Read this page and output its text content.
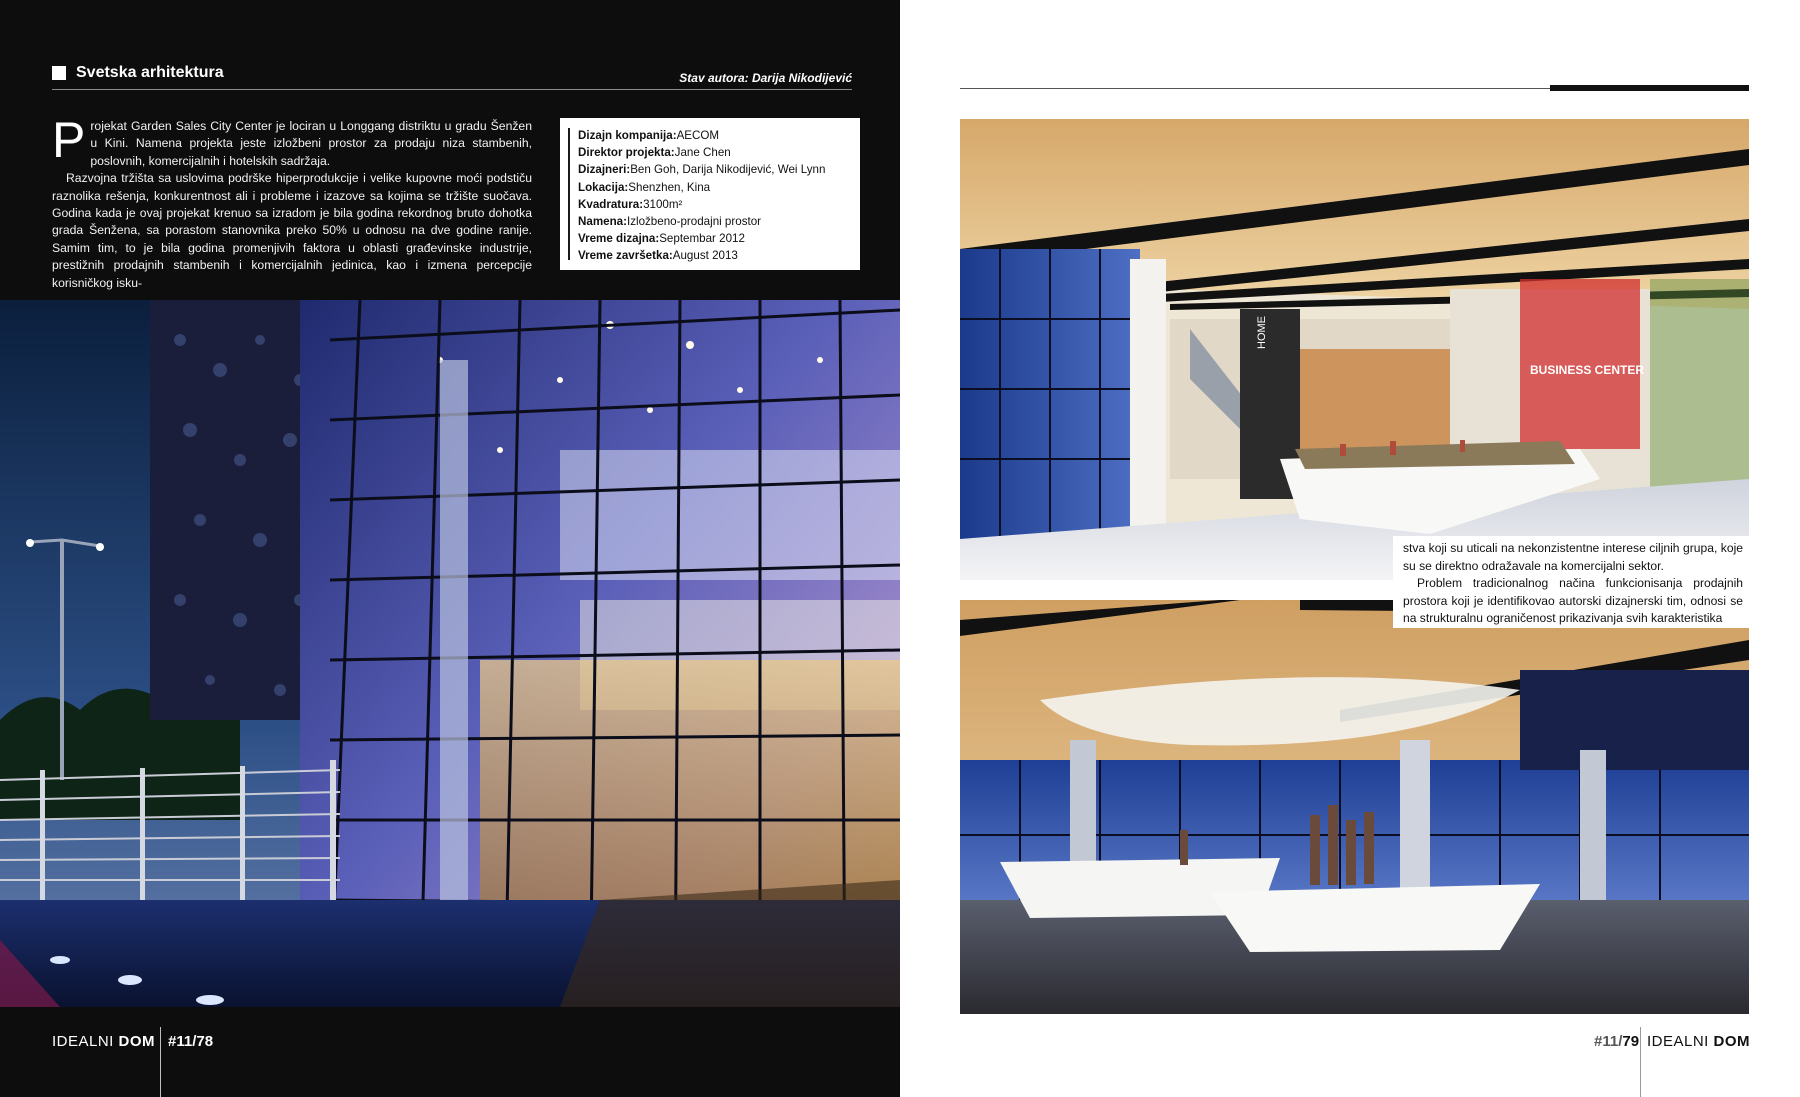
Svetska arhitektura	Stav autora: Darija Nikodijević

Projekat Garden Sales City Center je lociran u Longgang distriktu u gradu Šenžen u Kini. Namena projekta jeste izložbeni prostor za prodaju niza stambenih, poslovnih, komercijalnih i hotelskih sadržaja.

Razvojna tržišta sa uslovima podrške hiperprodukcije i velike kupovne moći podstiču raznolika rešenja, konkurentnost ali i probleme i izazove sa kojima se tržište suočava. Godina kada je ovaj projekat krenuo sa izradom je bila godina rekordnog bruto dohotka grada Šenžena, sa porastom stanovnika preko 50% u odnosu na dve godine ranije. Samim tim, to je bila godina promenjivih faktora u oblasti građevinske industrije, prestižnih prodajnih stambenih i komercijalnih jedinica, kao i izmena percepcije korisničkog isku-

Dizajn kompanija:AECOM
Direktor projekta:Jane Chen
Dizajneri:Ben Goh, Darija Nikodijević, Wei Lynn
Lokacija:Shenzhen, Kina
Kvadratura:3100m²
Namena:Izložbeno-prodajni prostor
Vreme dizajna:Septembar 2012
Vreme završetka:August 2013
IDEALNI DOM #11/78
BUSINESS CENTER
HOME

stva koji su uticali na nekonzistentne interese ciljnih grupa, koje su se direktno odražavale na komercijalni sektor.

Problem tradicionalnog načina funkcionisanja prodajnih prostora koji je identifikovao autorski dizajnerski tim, odnosi se na strukturalnu ograničenost prikazivanja svih karakteristika

#11/79 IDEALNI DOM
